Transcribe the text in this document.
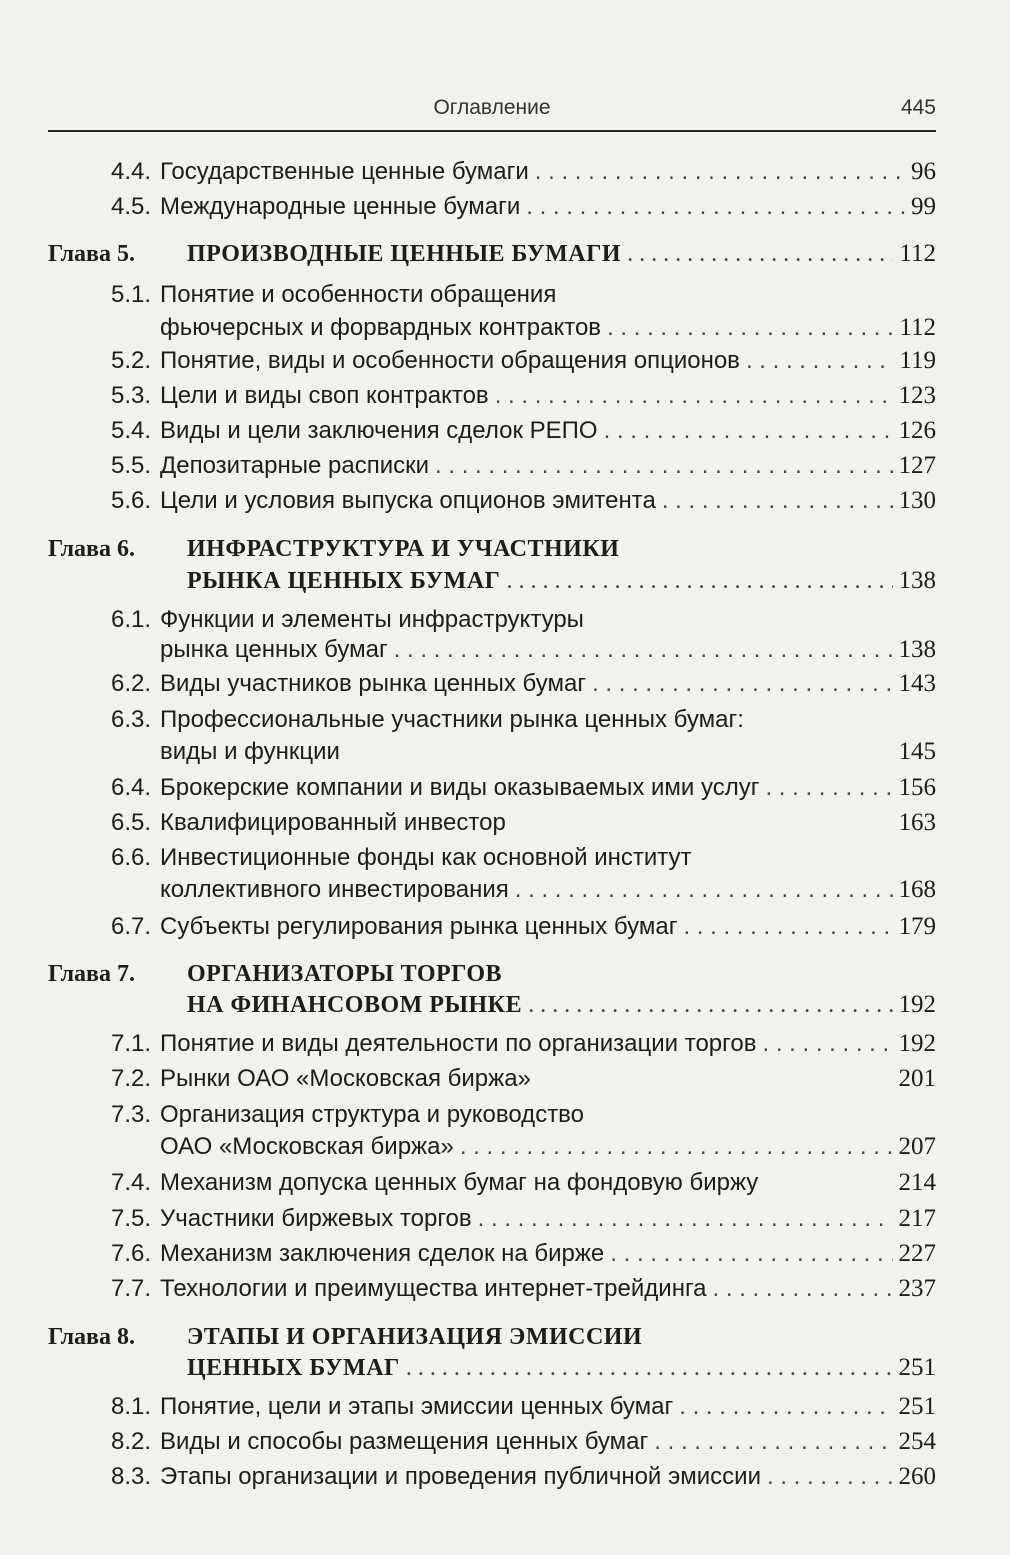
Оглавление	445
4.4. Государственные ценные бумаги . . .	96
4.5. Международные ценные бумаги . . .	99
Глава 5. ПРОИЗВОДНЫЕ ЦЕННЫЕ БУМАГИ . . .	112
5.1. Понятие и особенности обращения
фьючерсных и форвардных контрактов . . .	112
5.2. Понятие, виды и особенности обращения опционов . . .	119
5.3. Цели и виды своп контрактов . . .	123
5.4. Виды и цели заключения сделок РЕПО . . .	126
5.5. Депозитарные расписки . . .	127
5.6. Цели и условия выпуска опционов эмитента . . .	130
Глава 6. ИНФРАСТРУКТУРА И УЧАСТНИКИ
РЫНКА ЦЕННЫХ БУМАГ . . .	138
6.1. Функции и элементы инфраструктуры
рынка ценных бумаг . . .	138
6.2. Виды участников рынка ценных бумаг . . .	143
6.3. Профессиональные участники рынка ценных бумаг:
виды и функции	145
6.4. Брокерские компании и виды оказываемых ими услуг . . .	156
6.5. Квалифицированный инвестор	163
6.6. Инвестиционные фонды как основной институт
коллективного инвестирования . . .	168
6.7. Субъекты регулирования рынка ценных бумаг . . .	179
Глава 7. ОРГАНИЗАТОРЫ ТОРГОВ
НА ФИНАНСОВОМ РЫНКЕ . . .	192
7.1. Понятие и виды деятельности по организации торгов . . .	192
7.2. Рынки ОАО «Московская биржа»	201
7.3. Организация структура и руководство
ОАО «Московская биржа» . . .	207
7.4. Механизм допуска ценных бумаг на фондовую биржу	214
7.5. Участники биржевых торгов . . .	217
7.6. Механизм заключения сделок на бирже . . .	227
7.7. Технологии и преимущества интернет-трейдинга . . .	237
Глава 8. ЭТАПЫ И ОРГАНИЗАЦИЯ ЭМИССИИ
ЦЕННЫХ БУМАГ . . .	251
8.1. Понятие, цели и этапы эмиссии ценных бумаг . . .	251
8.2. Виды и способы размещения ценных бумаг . . .	254
8.3. Этапы организации и проведения публичной эмиссии . . .	260
